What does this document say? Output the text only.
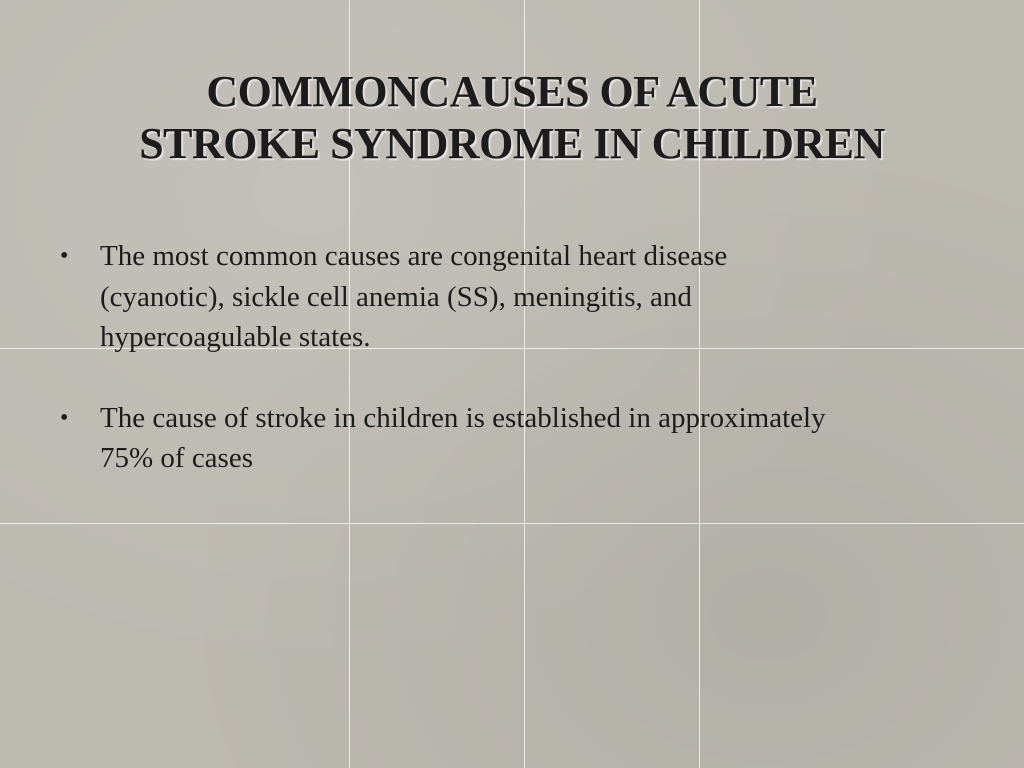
COMMONCAUSES OF ACUTE
STROKE SYNDROME IN CHILDREN
•	The most common causes are congenital heart disease
(cyanotic), sickle cell anemia (SS), meningitis, and
hypercoagulable states.
•	The cause of stroke in children is established in approximately
75% of cases
